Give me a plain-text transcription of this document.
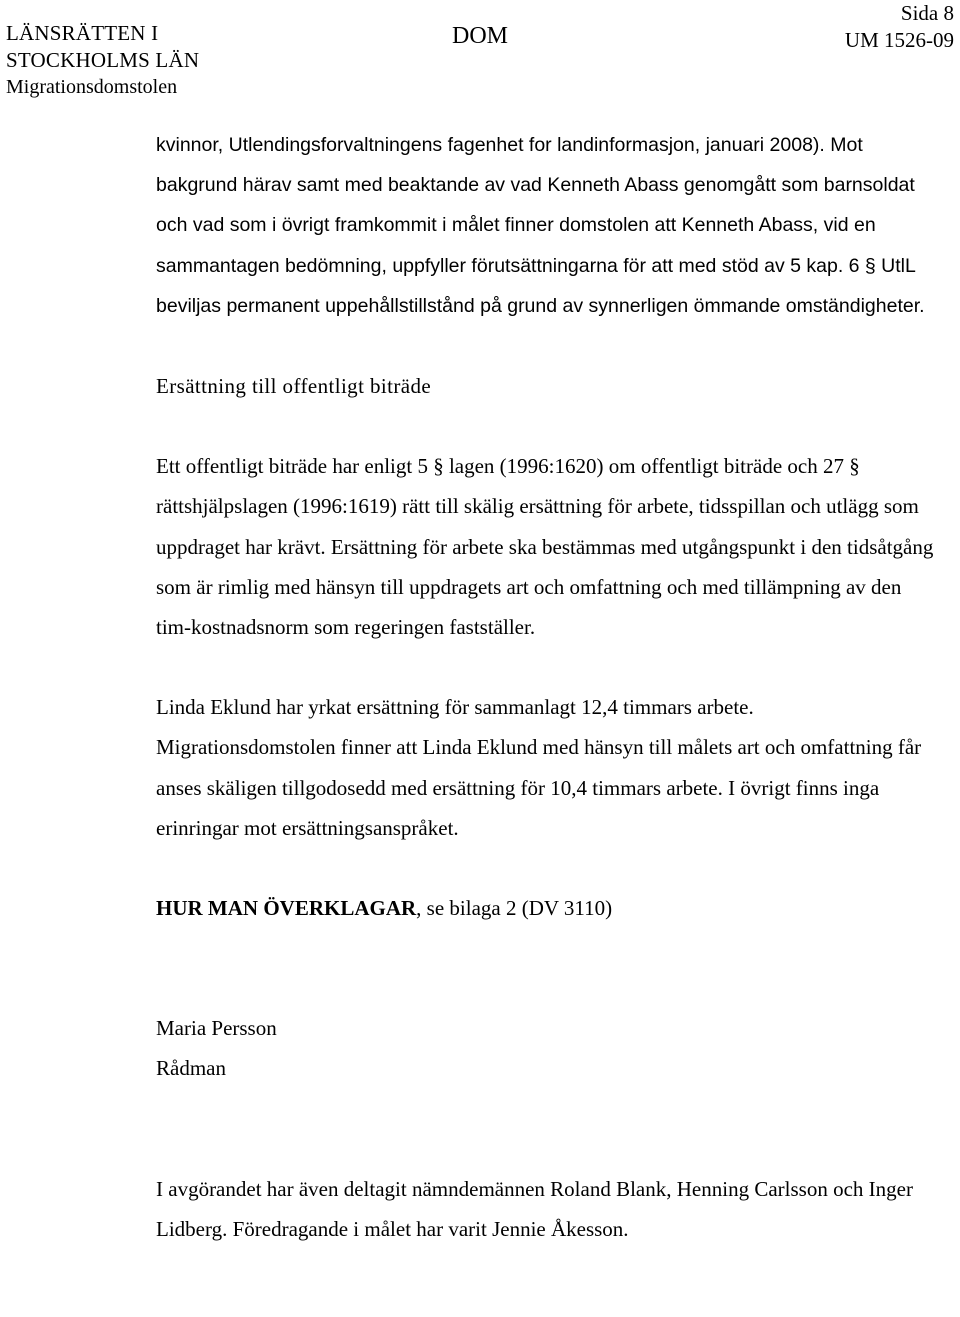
LÄNSRÄTTEN I
STOCKHOLMS LÄN
Migrationsdomstolen
DOM
Sida 8
UM 1526-09

kvinnor, Utlendingsforvaltningens fagenhet for landinformasjon, januari 2008). Mot bakgrund härav samt med beaktande av vad Kenneth Abass genomgått som barnsoldat och vad som i övrigt framkommit i målet finner domstolen att Kenneth Abass, vid en sammantagen bedömning, uppfyller förutsättningarna för att med stöd av 5 kap. 6 § UtlL beviljas permanent uppehållstillstånd på grund av synnerligen ömmande omständigheter.

Ersättning till offentligt biträde

Ett offentligt biträde har enligt 5 § lagen (1996:1620) om offentligt biträde och 27 § rättshjälpslagen (1996:1619) rätt till skälig ersättning för arbete, tidsspillan och utlägg som uppdraget har krävt. Ersättning för arbete ska bestämmas med utgångspunkt i den tidsåtgång som är rimlig med hänsyn till uppdragets art och omfattning och med tillämpning av den tim-kostnadsnorm som regeringen fastställer.

Linda Eklund har yrkat ersättning för sammanlagt 12,4 timmars arbete. Migrationsdomstolen finner att Linda Eklund med hänsyn till målets art och omfattning får anses skäligen tillgodosedd med ersättning för 10,4 timmars arbete. I övrigt finns inga erinringar mot ersättningsanspråket.

HUR MAN ÖVERKLAGAR, se bilaga 2 (DV 3110)

Maria Persson

Rådman

I avgörandet har även deltagit nämndemännen Roland Blank, Henning Carlsson och Inger Lidberg. Föredragande i målet har varit Jennie Åkesson.
